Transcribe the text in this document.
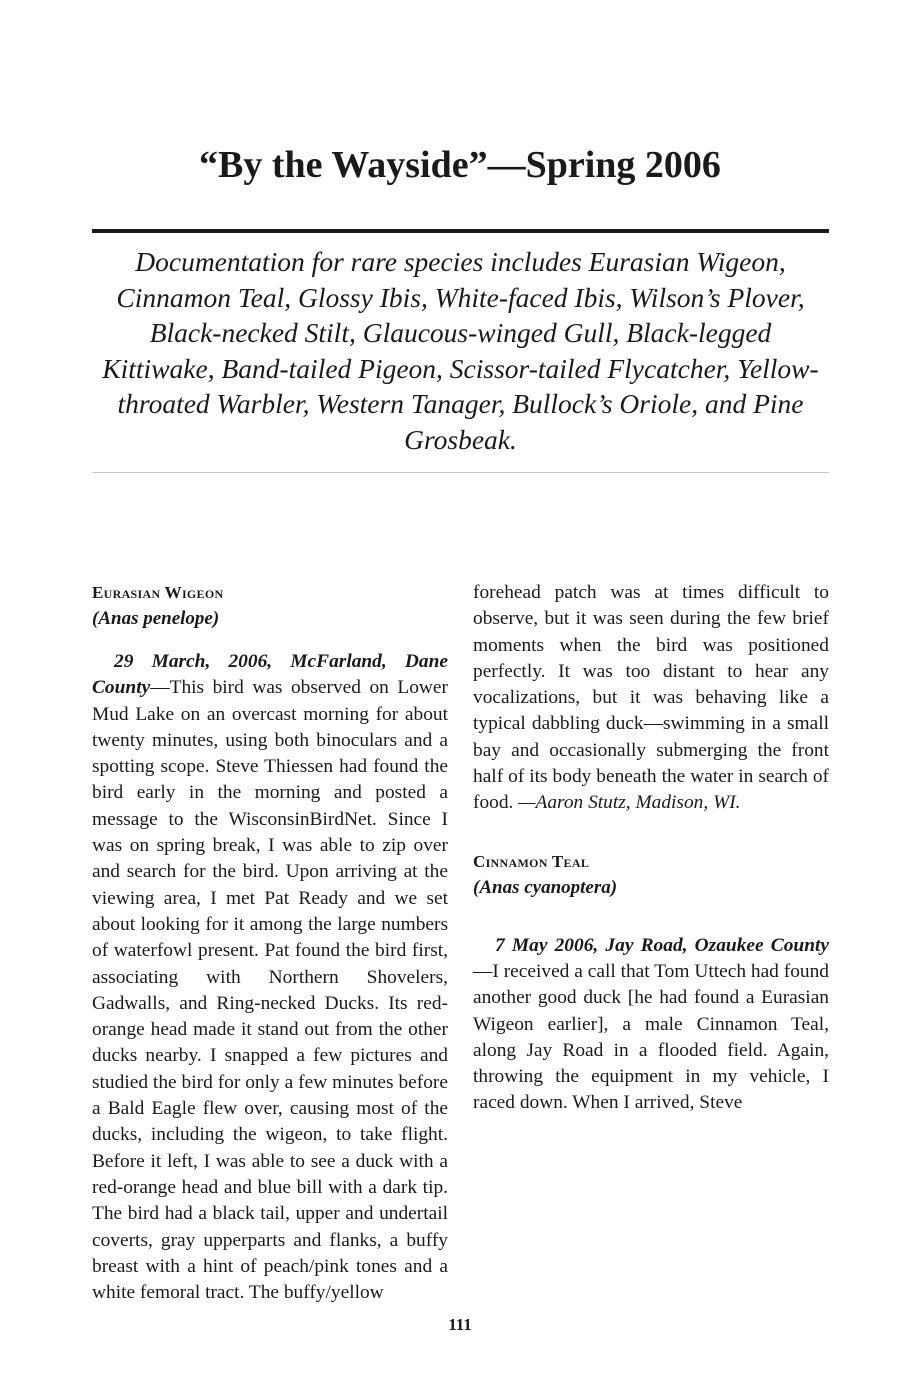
“By the Wayside”—Spring 2006

Documentation for rare species includes Eurasian Wigeon, Cinnamon Teal, Glossy Ibis, White-faced Ibis, Wilson’s Plover, Black-necked Stilt, Glaucous-winged Gull, Black-legged Kittiwake, Band-tailed Pigeon, Scissor-tailed Flycatcher, Yellow-throated Warbler, Western Tanager, Bullock’s Oriole, and Pine Grosbeak.

Eurasian Wigeon

(Anas penelope)

29 March, 2006, McFarland, Dane County—This bird was observed on Lower Mud Lake on an overcast morning for about twenty minutes, using both binoculars and a spotting scope. Steve Thiessen had found the bird early in the morning and posted a message to the WisconsinBirdNet. Since I was on spring break, I was able to zip over and search for the bird. Upon arriving at the viewing area, I met Pat Ready and we set about looking for it among the large numbers of waterfowl present. Pat found the bird first, associating with Northern Shovelers, Gadwalls, and Ring-necked Ducks. Its red-orange head made it stand out from the other ducks nearby. I snapped a few pictures and studied the bird for only a few minutes before a Bald Eagle flew over, causing most of the ducks, including the wigeon, to take flight. Before it left, I was able to see a duck with a red-orange head and blue bill with a dark tip. The bird had a black tail, upper and undertail coverts, gray upperparts and flanks, a buffy breast with a hint of peach/pink tones and a white femoral tract. The buffy/yellow

forehead patch was at times difficult to observe, but it was seen during the few brief moments when the bird was positioned perfectly. It was too distant to hear any vocalizations, but it was behaving like a typical dabbling duck—swimming in a small bay and occasionally submerging the front half of its body beneath the water in search of food. —Aaron Stutz, Madison, WI.

Cinnamon Teal

(Anas cyanoptera)

7 May 2006, Jay Road, Ozaukee County—I received a call that Tom Uttech had found another good duck [he had found a Eurasian Wigeon earlier], a male Cinnamon Teal, along Jay Road in a flooded field. Again, throwing the equipment in my vehicle, I raced down. When I arrived, Steve

111
